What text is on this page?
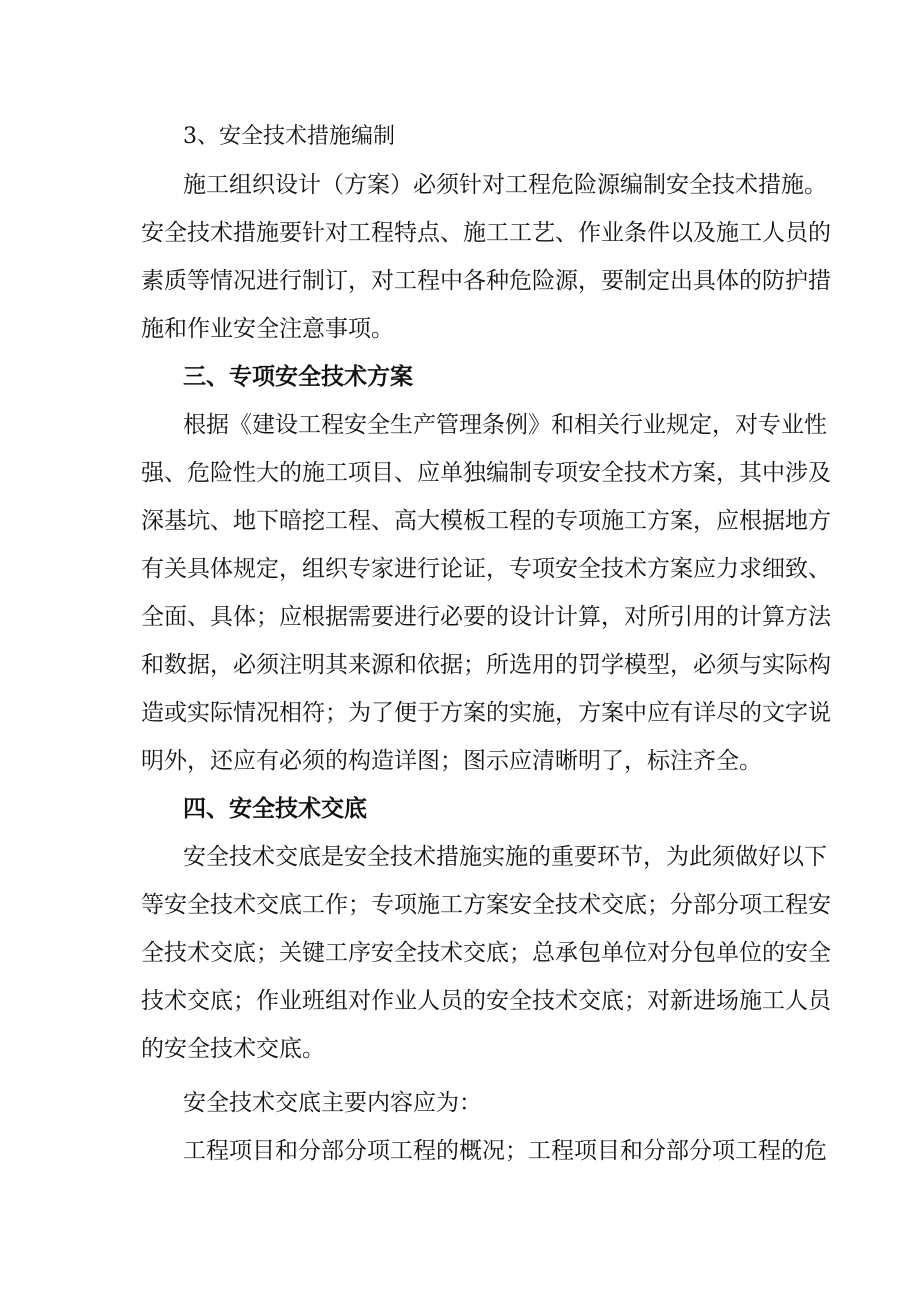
3、安全技术措施编制
施工组织设计（方案）必须针对工程危险源编制安全技术措施。
安全技术措施要针对工程特点、施工工艺、作业条件以及施工人员的
素质等情况进行制订，对工程中各种危险源，要制定出具体的防护措
施和作业安全注意事项。
三、专项安全技术方案
根据《建设工程安全生产管理条例》和相关行业规定，对专业性
强、危险性大的施工项目、应单独编制专项安全技术方案，其中涉及
深基坑、地下暗挖工程、高大模板工程的专项施工方案，应根据地方
有关具体规定，组织专家进行论证，专项安全技术方案应力求细致、
全面、具体；应根据需要进行必要的设计计算，对所引用的计算方法
和数据，必须注明其来源和依据；所选用的罚学模型，必须与实际构
造或实际情况相符；为了便于方案的实施，方案中应有详尽的文字说
明外，还应有必须的构造详图；图示应清晰明了，标注齐全。
四、安全技术交底
安全技术交底是安全技术措施实施的重要环节，为此须做好以下
等安全技术交底工作；专项施工方案安全技术交底；分部分项工程安
全技术交底；关键工序安全技术交底；总承包单位对分包单位的安全
技术交底；作业班组对作业人员的安全技术交底；对新进场施工人员
的安全技术交底。
安全技术交底主要内容应为：
工程项目和分部分项工程的概况；工程项目和分部分项工程的危
